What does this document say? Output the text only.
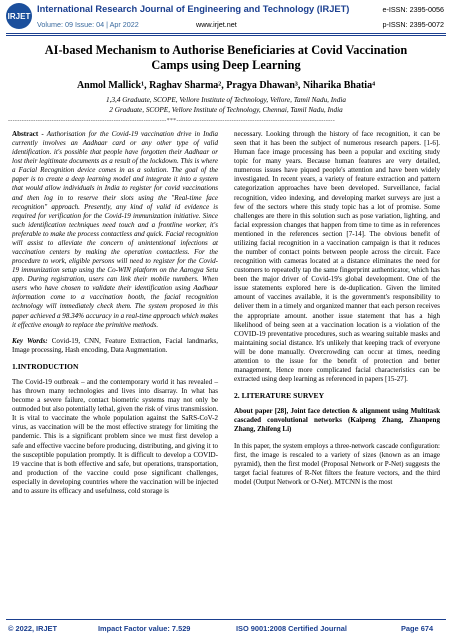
IRJET
International Research Journal of Engineering and Technology (IRJET)
Volume: 09 Issue: 04 | Apr 2022	www.irjet.net
e-ISSN: 2395-0056
p-ISSN: 2395-0072
AI-based Mechanism to Authorise Beneficiaries at Covid Vaccination Camps using Deep Learning
Anmol Mallick¹, Raghav Sharma², Pragya Dhawan³, Niharika Bhatia⁴
1,3,4 Graduate, SCOPE, Vellore Institute of Technology, Vellore, Tamil Nadu, India
2 Graduate, SCOPE, Vellore Institute of Technology, Chennai, Tamil Nadu, India
---------------------------------------------------------------------***---------------------------------------------------------------------

Abstract - Authorisation for the Covid-19 vaccination drive in India currently involves an Aadhaar card or any other type of valid identification. it's possible that people have forgotten their Aadhaar or lost their legitimate documents as a result of the lockdown. This is where a Facial Recognition device comes in as a solution. The goal of the paper is to create a deep learning model and integrate it into a system that would allow individuals in India to register for covid vaccinations and then log in to reserve their slots using the "Real-time face recognition" approach. Presently, any kind of valid id evidence is required for verification for the Covid-19 immunization initiative. Since such identification techniques need touch and a frontline worker, it's preferable to make the process contactless and quick. Facial recognition will assist to alleviate the concern of unintentional infections at vaccination centers by making the operation contactless. For the procedure to work, eligible persons will need to register for the Covid-19 immunization setup using the Co-WIN platform on the Aarogya Setu app. During registration, users can link their mobile numbers. When users who have chosen to validate their identification using Aadhaar information come to a vaccination booth, the facial recognition technology will immediately check them. The system proposed in this paper achieved a 98.34% accuracy in a real-time approach which makes it effective enough to replace the primitive methods.

Key Words: Covid-19, CNN, Feature Extraction, Facial landmarks, Image processing, Hash encoding, Data Augmentation.

1.INTRODUCTION

The Covid-19 outbreak – and the contemporary world it has revealed – has thrown many technologies and lives into disarray. In what has become a severe failure, contact biometric systems may not only be outmoded but also potentially lethal, given the risk of virus transmission. It is vital to vaccinate the whole population against the SaRS-CoV-2 virus, as vaccination will be the most effective strategy for limiting the pandemic. This is a significant problem since we must first develop a safe and effective vaccine before producing, distributing, and giving it to the susceptible population promptly. It is difficult to develop a COVID-19 vaccine that is both effective and safe, but operations, transportation, and production of the vaccine could pose significant challenges, especially in developing countries where the vaccination will be injected and to assure its efficacy and usefulness, cold storage is

necessary. Looking through the history of face recognition, it can be seen that it has been the subject of numerous research papers. [1-6]. Human face image processing has been a popular and exciting study topic for many years. Because human features are very detailed, numerous issues have piqued people's attention and have been widely investigated. In recent years, a variety of feature extraction and pattern categorization approaches have been developed. Surveillance, facial recognition, video indexing, and developing market surveys are just a few of the sectors where this study topic has a lot of promise. Some challenges are there in this solution such as pose variation, lighting, and facial expression changes that happen from time to time as in references mentioned in the references section [7-14]. The obvious benefit of utilizing facial recognition in a vaccination campaign is that it reduces the number of contact points between people across the circuit. Face recognition with cameras located at a distance eliminates the need for customers to repeatedly tap the same fingerprint authenticator, which has been the major driver of Covid-19's global development. One of the issue statements explored here is de-duplication. Given the limited amount of vaccines available, it is the government's responsibility to deliver them in a timely and organized manner that each person receives the appropriate amount. another issue statement that has a high likelihood of being seen at a vaccination location is a violation of the COVID-19 preventative procedures, such as wearing suitable masks and maintaining social distance. It's unlikely that keeping track of everyone will be done manually. Overcrowding can occur at times, needing attention to the issue for the benefit of protection and better management, Hence more complicated facial characteristics can be extracted using deep learning as referenced in papers [15-27].

2. LITERATURE SURVEY

About paper [28], Joint face detection & alignment using Multitask cascaded convolutional networks (Kaipeng Zhang, Zhanpeng Zhang, Zhifeng Li)

In this paper, the system employs a three-network cascade configuration: first, the image is rescaled to a variety of sizes (known as an image pyramid), then the first model (Proposal Network or P-Net) suggests the target facial features of R-Net filters the feature vectors, and the third model (Output Network or O-Net). MTCNN is the most

© 2022, IRJET	Impact Factor value: 7.529	ISO 9001:2008 Certified Journal	Page 674
